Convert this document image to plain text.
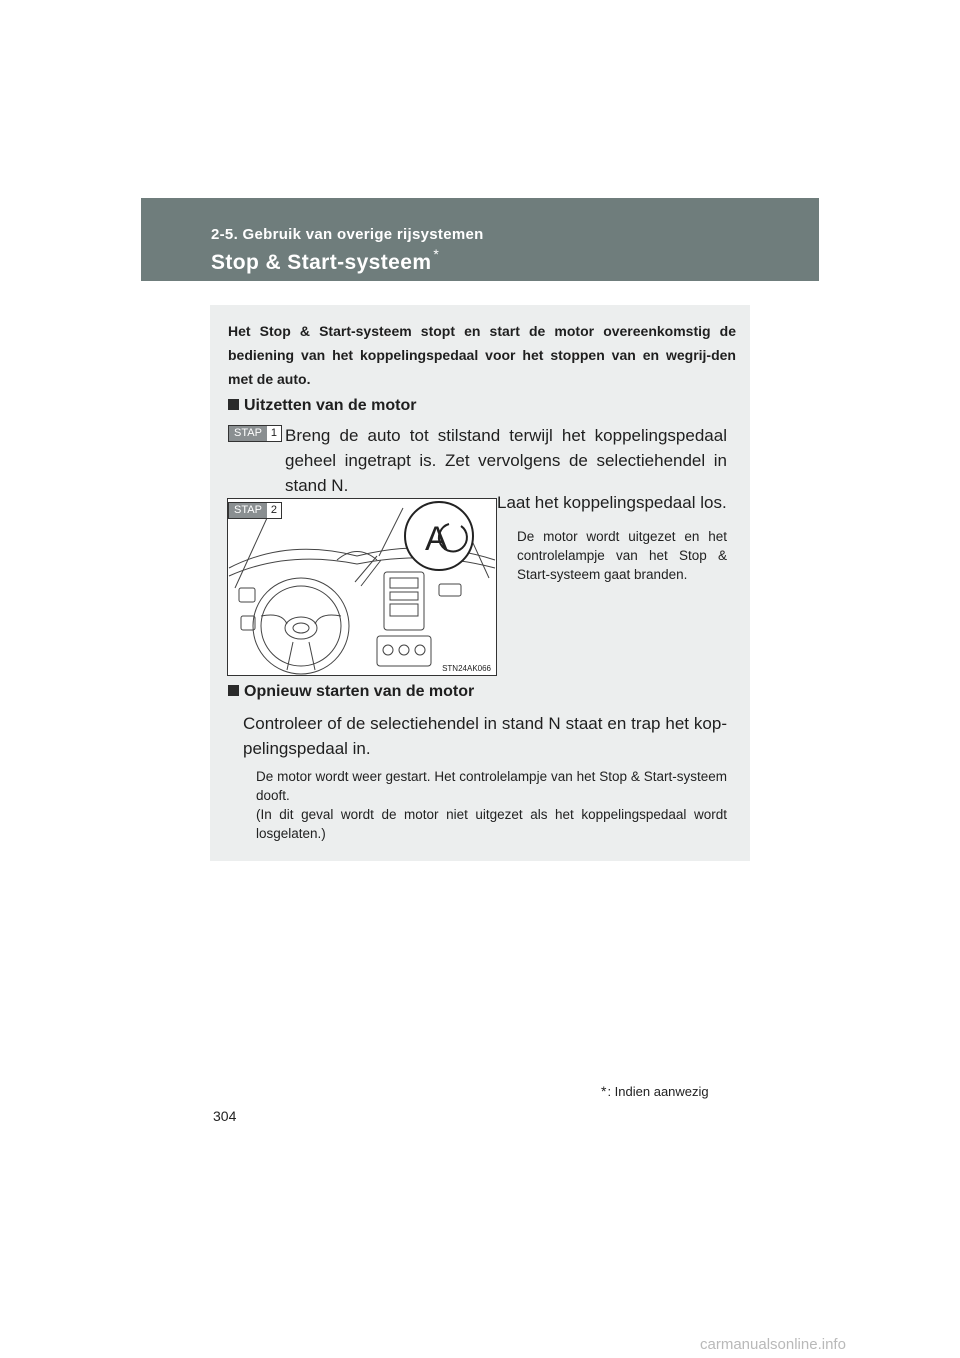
2-5. Gebruik van overige rijsystemen
Stop & Start-systeem *
Het Stop & Start-systeem stopt en start de motor overeenkomstig de bediening van het koppelingspedaal voor het stoppen van en wegrij-den met de auto.
Uitzetten van de motor
STAP 1 Breng de auto tot stilstand terwijl het koppelingspedaal geheel ingetrapt is. Zet vervolgens de selectiehendel in stand N.
A
STN24AK066
STAP 2	Laat het koppelingspedaal los.
De motor wordt uitgezet en het controlelampje van het Stop & Start-systeem gaat branden.
Opnieuw starten van de motor
Controleer of de selectiehendel in stand N staat en trap het kop-pelingspedaal in.
De motor wordt weer gestart. Het controlelampje van het Stop & Start-systeem dooft.
(In dit geval wordt de motor niet uitgezet als het koppelingspedaal wordt losgelaten.)
*: Indien aanwezig
304
carmanualsonline.info
